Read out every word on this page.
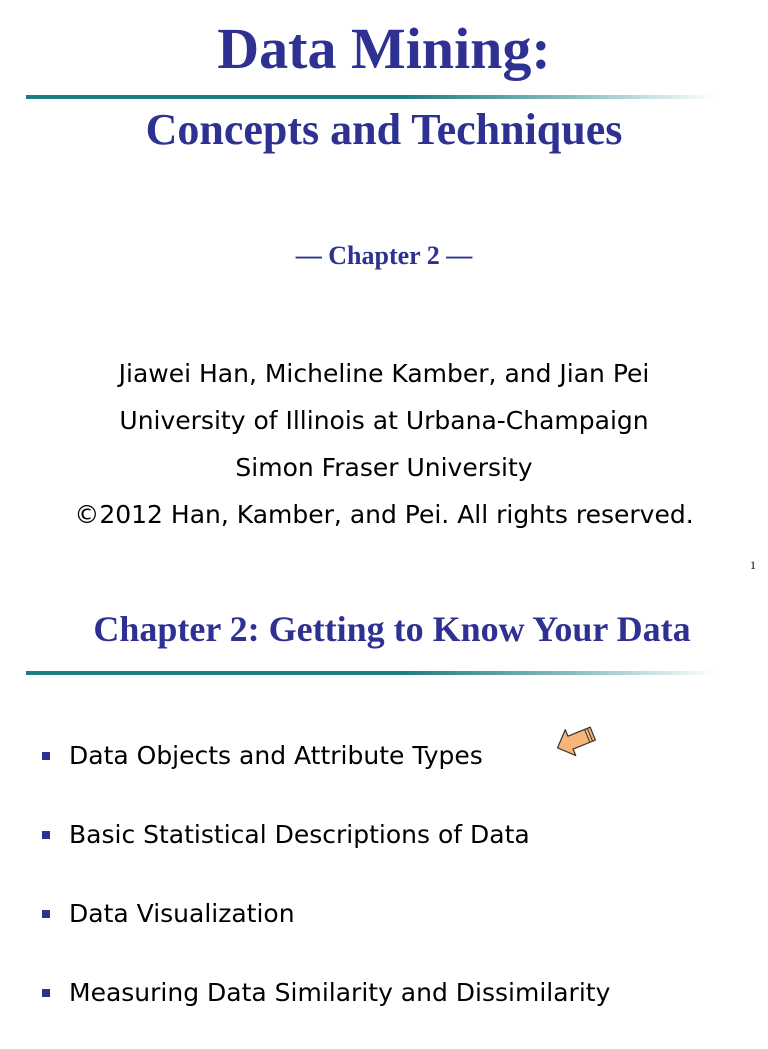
Data Mining:
Concepts and Techniques
— Chapter 2 —
Jiawei Han, Micheline Kamber, and Jian Pei
University of Illinois at Urbana-Champaign
Simon Fraser University
©2012 Han, Kamber, and Pei. All rights reserved.
1
Chapter 2: Getting to Know Your Data
Data Objects and Attribute Types
Basic Statistical Descriptions of Data
Data Visualization
Measuring Data Similarity and Dissimilarity
